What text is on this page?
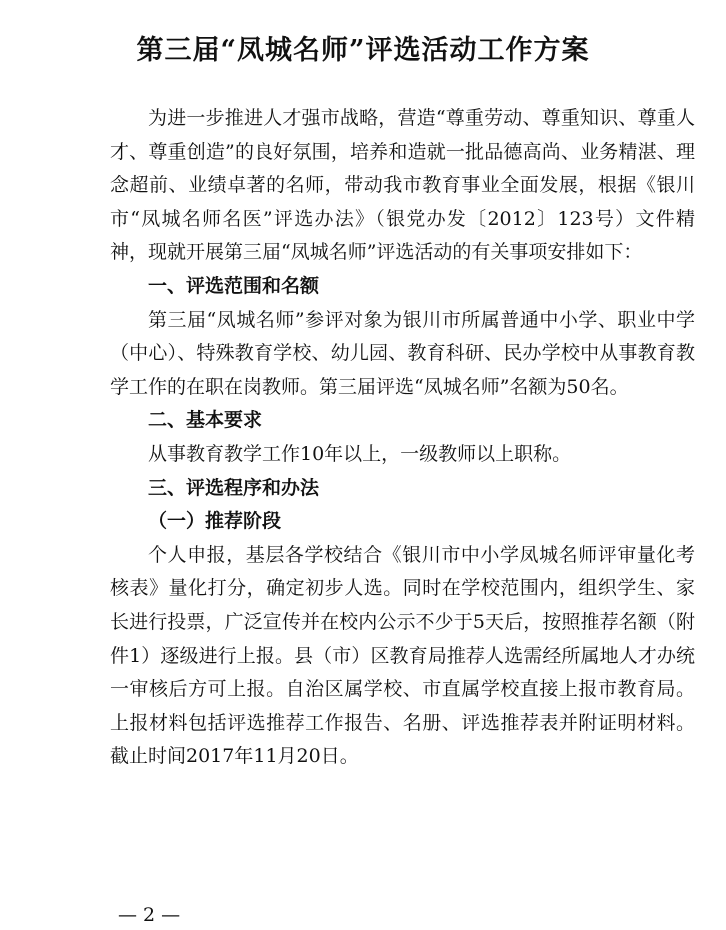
第三届“凤城名师”评选活动工作方案

为进一步推进人才强市战略，营造“尊重劳动、尊重知识、尊重人才、尊重创造”的良好氛围，培养和造就一批品德高尚、业务精湛、理念超前、业绩卓著的名师，带动我市教育事业全面发展，根据《银川市“凤城名师名医”评选办法》（银党办发〔2012〕123号）文件精神，现就开展第三届“凤城名师”评选活动的有关事项安排如下：

一、评选范围和名额

第三届“凤城名师”参评对象为银川市所属普通中小学、职业中学（中心）、特殊教育学校、幼儿园、教育科研、民办学校中从事教育教学工作的在职在岗教师。第三届评选“凤城名师”名额为50名。

二、基本要求

从事教育教学工作10年以上，一级教师以上职称。

三、评选程序和办法

（一）推荐阶段

个人申报，基层各学校结合《银川市中小学凤城名师评审量化考核表》量化打分，确定初步人选。同时在学校范围内，组织学生、家长进行投票，广泛宣传并在校内公示不少于5天后，按照推荐名额（附件1）逐级进行上报。县（市）区教育局推荐人选需经所属地人才办统一审核后方可上报。自治区属学校、市直属学校直接上报市教育局。上报材料包括评选推荐工作报告、名册、评选推荐表并附证明材料。截止时间2017年11月20日。

— 2 —
